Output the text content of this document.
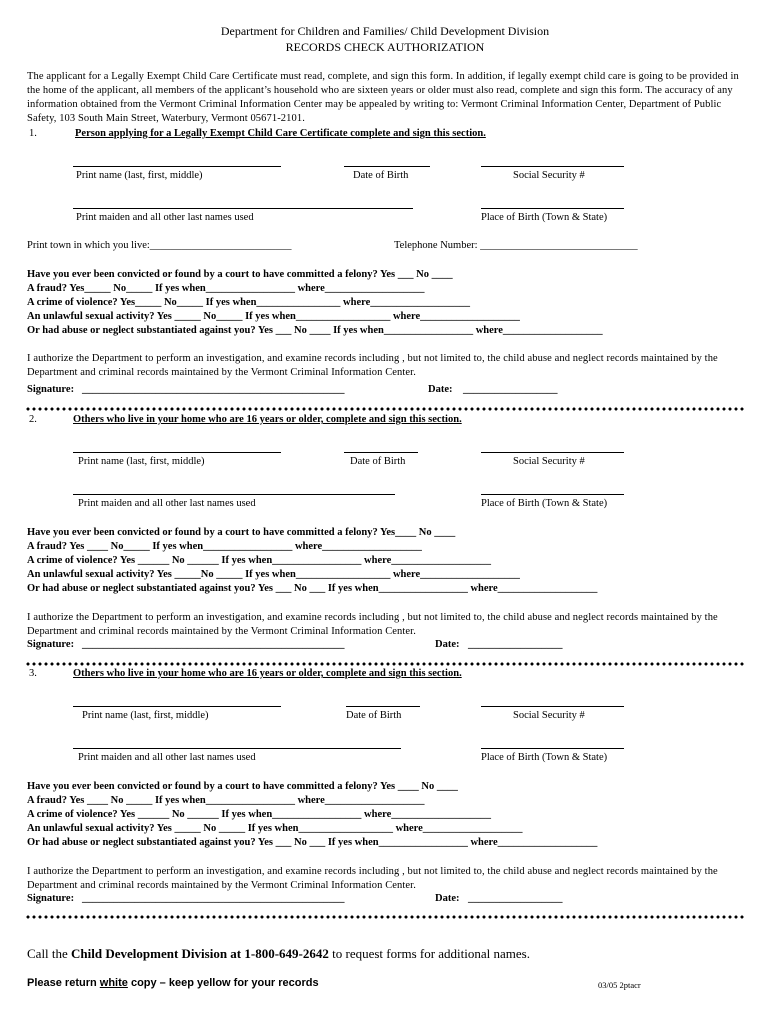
Department for Children and Families/ Child Development Division
RECORDS CHECK AUTHORIZATION
The applicant for a Legally Exempt Child Care Certificate must read, complete, and sign this form. In addition, if legally exempt child care is going to be provided in the home of the applicant, all members of the applicant’s household who are sixteen years or older must also read, complete and sign this form. The accuracy of any information obtained from the Vermont Criminal Information Center may be appealed by writing to: Vermont Criminal Information Center, Department of Public Safety, 103 South Main Street, Waterbury, Vermont 05671-2101.
1.	Person applying for a Legally Exempt Child Care Certificate complete and sign this section.
Print name (last, first, middle)	Date of Birth	Social Security #
Print maiden and all other last names used	Place of Birth (Town & State)
Print town in which you live:___________________________	Telephone Number: ______________________________
Have you ever been convicted or found by a court to have committed a felony? Yes ___ No ____
A fraud? Yes_____ No_____ If yes when_________________ where___________________
A crime of violence? Yes_____ No_____ If yes when________________ where___________________
An unlawful sexual activity? Yes _____ No_____ If yes when__________________ where___________________
Or had abuse or neglect substantiated against you? Yes ___ No ____ If yes when_________________ where___________________
I authorize the Department to perform an investigation, and examine records including , but not limited to, the child abuse and neglect records maintained by the Department and criminal records maintained by the Vermont Criminal Information Center.
Signature: __________________________________________________	Date: __________________
2.	Others who live in your home who are 16 years or older, complete and sign this section.
Print name (last, first, middle)	Date of Birth	Social Security #
Print maiden and all other last names used	Place of Birth (Town & State)
Have you ever been convicted or found by a court to have committed a felony? Yes____ No ____
A fraud? Yes ____ No_____ If yes when_________________ where___________________
A crime of violence? Yes ______ No ______ If yes when_________________ where___________________
An unlawful sexual activity? Yes _____No _____ If yes when__________________ where___________________
Or had abuse or neglect substantiated against you? Yes ___ No ___ If yes when_________________ where___________________
I authorize the Department to perform an investigation, and examine records including , but not limited to, the child abuse and neglect records maintained by the Department and criminal records maintained by the Vermont Criminal Information Center.
Signature: __________________________________________________	Date: __________________
3.	Others who live in your home who are 16 years or older, complete and sign this section.
Print name (last, first, middle)	Date of Birth	Social Security #
Print maiden and all other last names used	Place of Birth (Town & State)
Have you ever been convicted or found by a court to have committed a felony? Yes ____ No ____
A fraud? Yes ____ No _____ If yes when_________________ where___________________
A crime of violence? Yes ______ No ______ If yes when_________________ where___________________
An unlawful sexual activity? Yes _____ No _____ If yes when__________________ where___________________
Or had abuse or neglect substantiated against you? Yes ___ No ___ If yes when_________________ where___________________
I authorize the Department to perform an investigation, and examine records including , but not limited to, the child abuse and neglect records maintained by the Department and criminal records maintained by the Vermont Criminal Information Center.
Signature: __________________________________________________	Date: __________________
Call the Child Development Division at 1-800-649-2642 to request forms for additional names.
Please return white copy – keep yellow for your records	03/05 2ptacr
